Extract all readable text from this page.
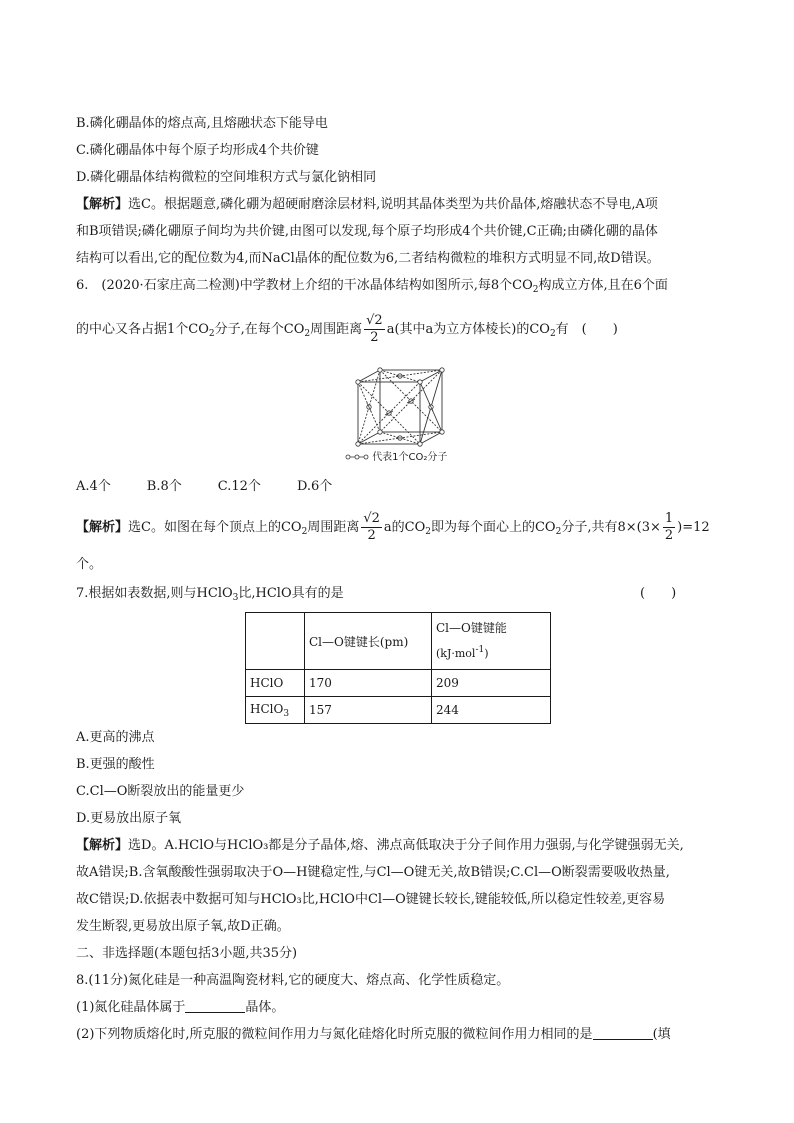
B.磷化硼晶体的熔点高,且熔融状态下能导电
C.磷化硼晶体中每个原子均形成4个共价键
D.磷化硼晶体结构微粒的空间堆积方式与氯化钠相同
【解析】选C。根据题意,磷化硼为超硬耐磨涂层材料,说明其晶体类型为共价晶体,熔融状态不导电,A项
和B项错误;磷化硼原子间均为共价键,由图可以发现,每个原子均形成4个共价键,C正确;由磷化硼的晶体
结构可以看出,它的配位数为4,而NaCl晶体的配位数为6,二者结构微粒的堆积方式明显不同,故D错误。
6.　(2020·石家庄高二检测)中学教材上介绍的干冰晶体结构如图所示,每8个$CO_2$构成立方体,且在6个面
的中心又各占据1个$CO_2$分子,在每个$CO_2$周围距离 $\frac{√2}{2} a$(其中a为立方体棱长)的$CO_2$有　(　　)
代表1个CO₂分子
A.4个	B.8个	C.12个	D.6个
【解析】选C。如图在每个顶点上的$CO_2$周围距离 $\frac{√2}{2}$ a的$CO_2$即为每个面心上的$CO_2$分子,共有$8\times(3\times \frac{1}{2} )=12$
个。
7.根据如表数据,则与HClO$_3$比,HClO具有的是	(　　)
	Cl—O键键长(pm)	Cl—O键键能
(kJ·mol$^{-1}$)
HClO	170	209
HClO$_3$	157	244
A.更高的沸点
B.更强的酸性
C.Cl—O断裂放出的能量更少
D.更易放出原子氧
【解析】选D。A.HClO与HClO₃都是分子晶体,熔、沸点高低取决于分子间作用力强弱,与化学键强弱无关,
故A错误;B.含氧酸酸性强弱取决于O—H键稳定性,与Cl—O键无关,故B错误;C.Cl—O断裂需要吸收热量,
故C错误;D.依据表中数据可知与HClO₃比,HClO中Cl—O键键长较长,键能较低,所以稳定性较差,更容易
发生断裂,更易放出原子氧,故D正确。
二、非选择题(本题包括3小题,共35分)
8.(11分)氮化硅是一种高温陶瓷材料,它的硬度大、熔点高、化学性质稳定。
(1)氮化硅晶体属于	晶体。
(2)下列物质熔化时,所克服的微粒间作用力与氮化硅熔化时所克服的微粒间作用力相同的是	(填
